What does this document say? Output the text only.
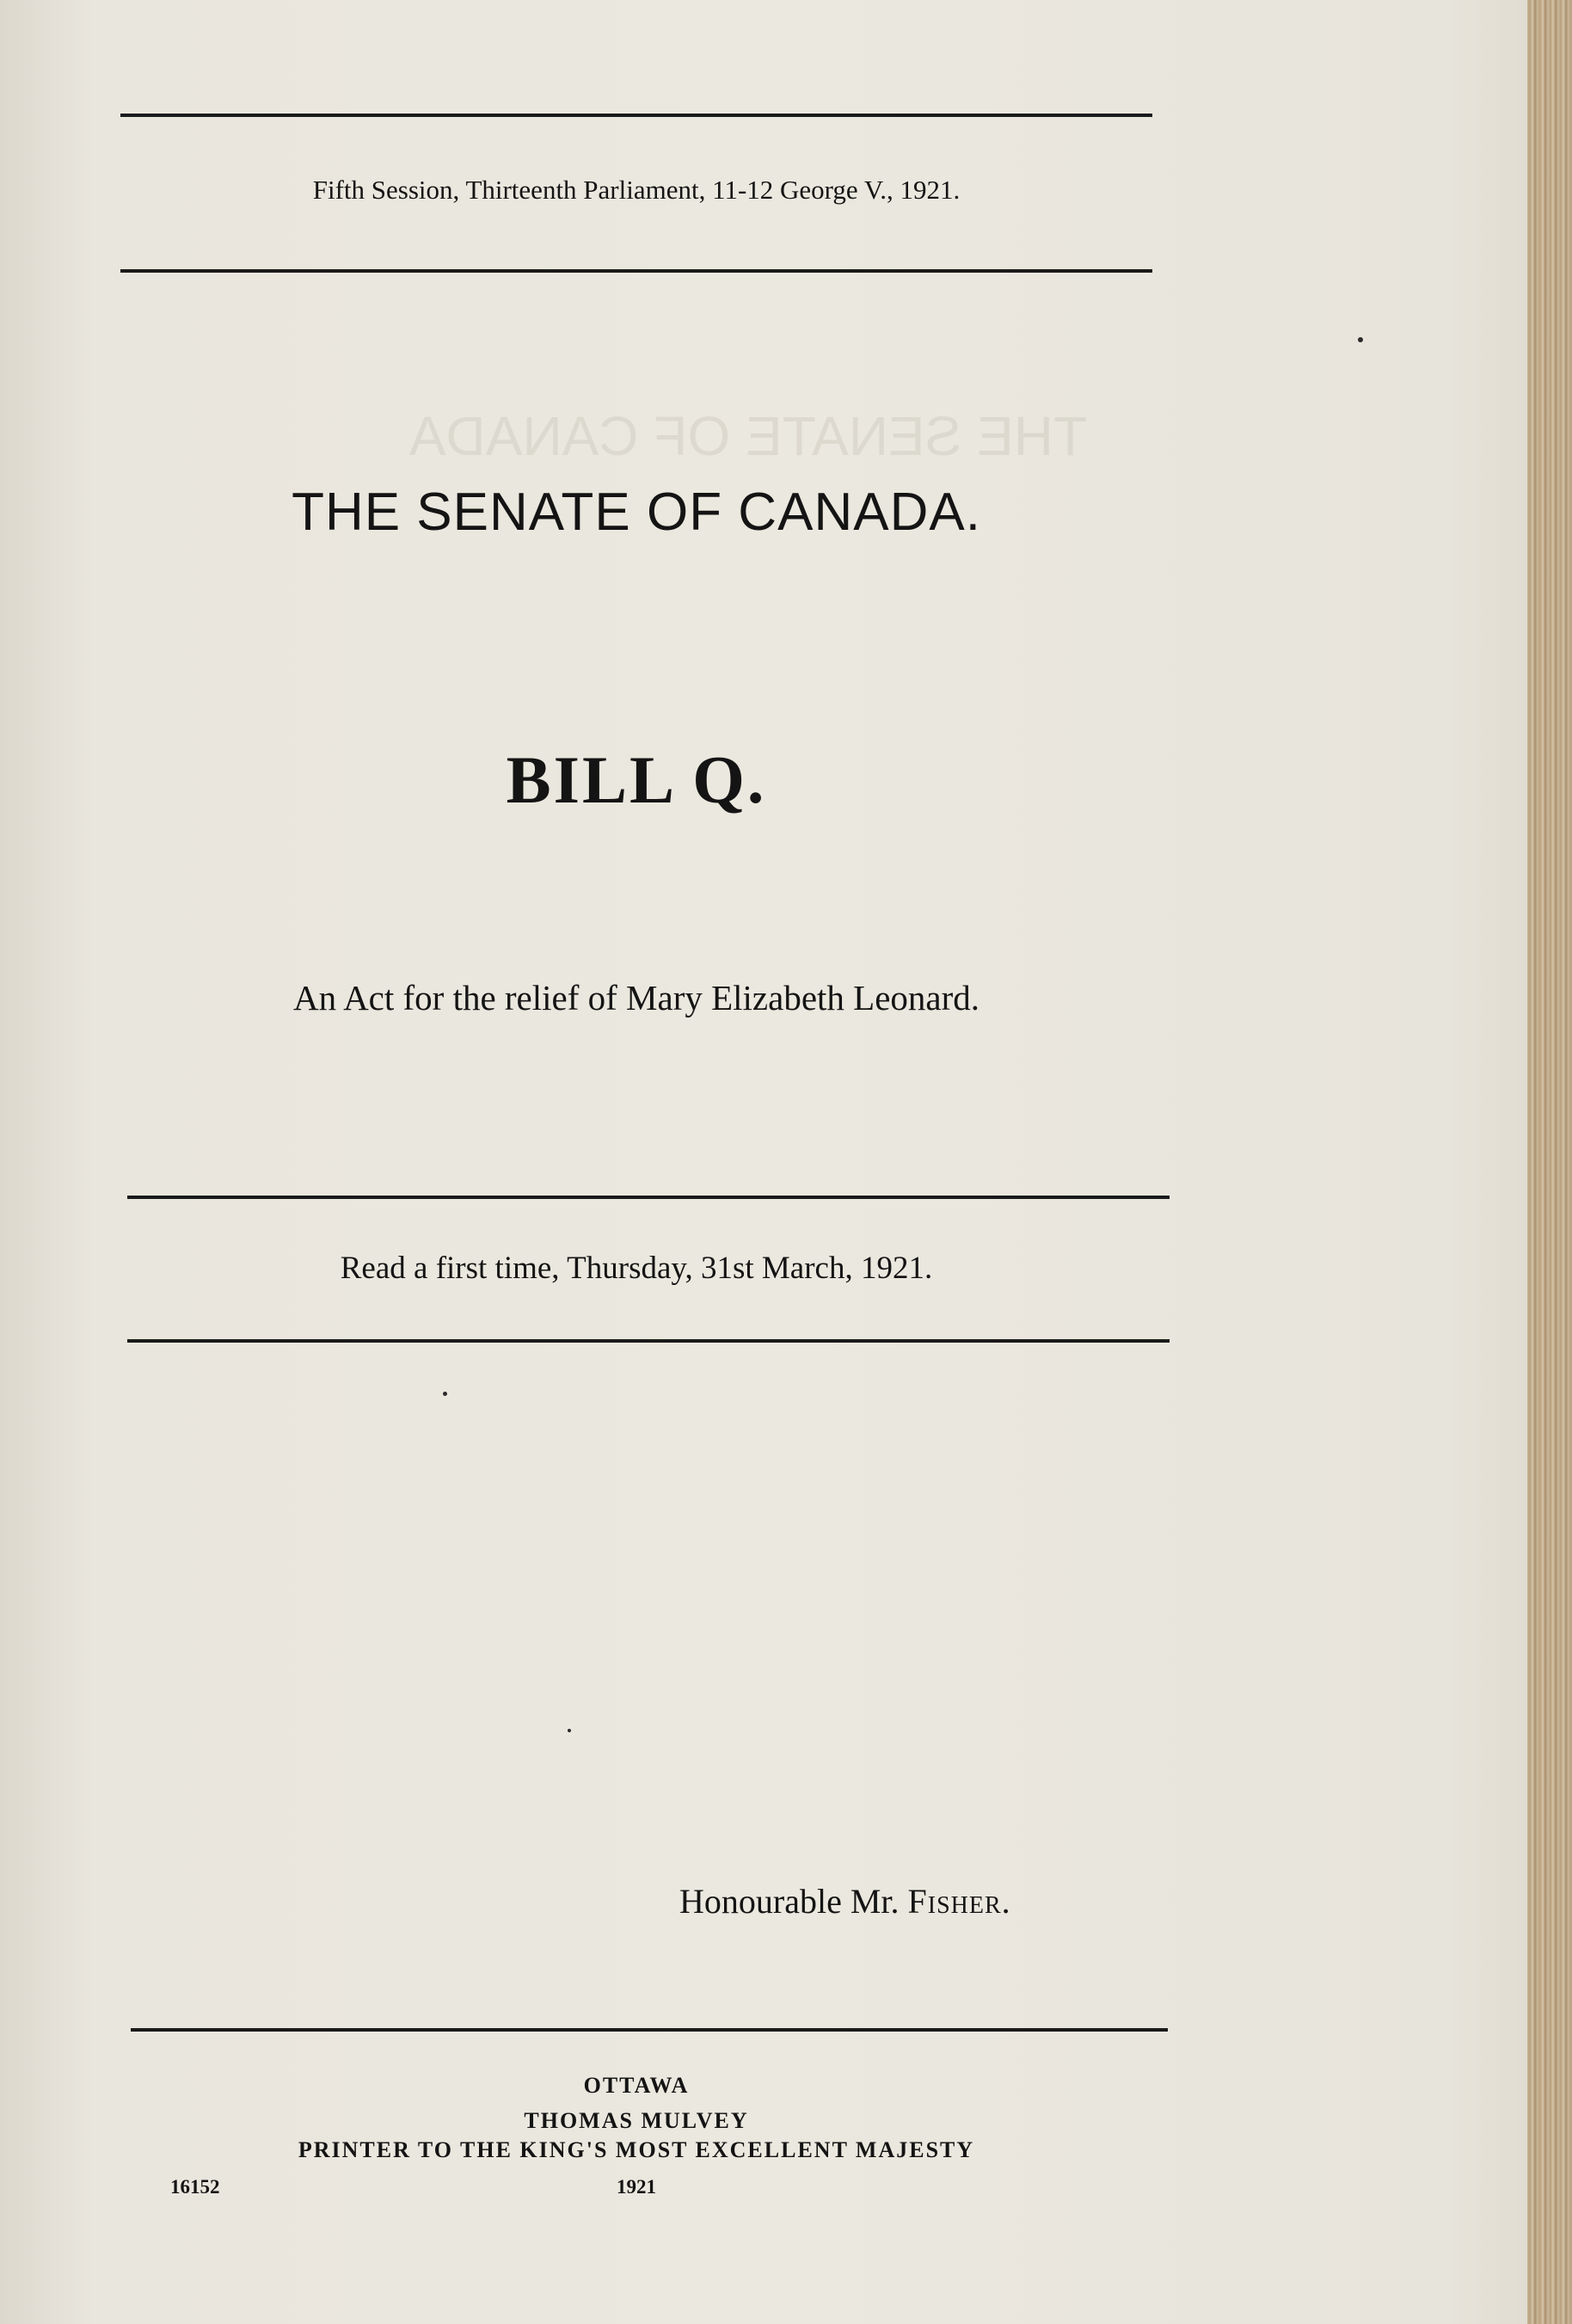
THE SENATE OF CANADA
Fifth Session, Thirteenth Parliament, 11-12 George V., 1921.
THE SENATE OF CANADA.
BILL Q.
An Act for the relief of Mary Elizabeth Leonard.
Read a first time, Thursday, 31st March, 1921.
Honourable Mr. Fisher.
OTTAWA
THOMAS MULVEY
PRINTER TO THE KING'S MOST EXCELLENT MAJESTY
16152	1921
